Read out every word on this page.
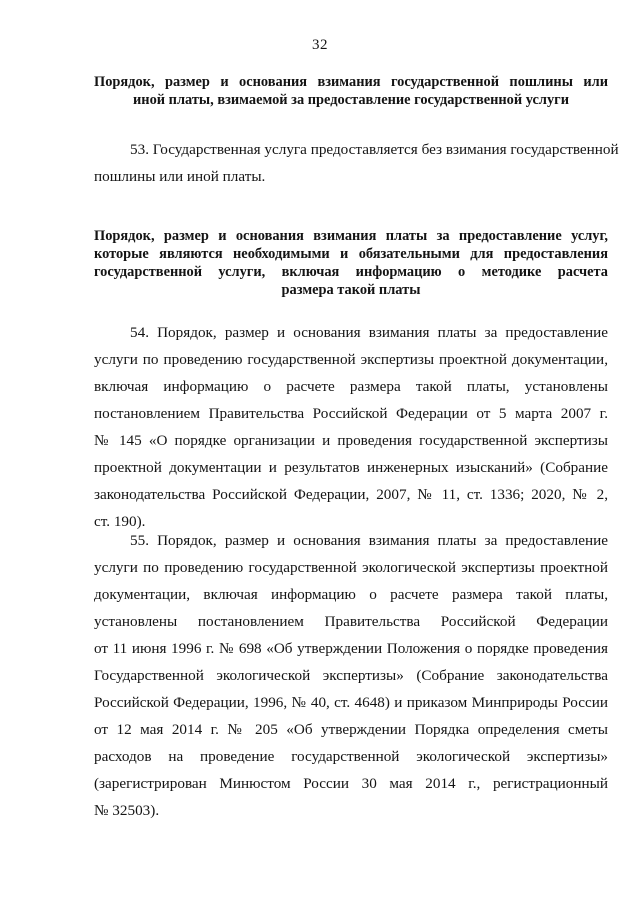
32
Порядок, размер и основания взимания государственной пошлины или
иной платы, взимаемой за предоставление государственной услуги
53. Государственная услуга предоставляется без взимания государственной
пошлины или иной платы.
Порядок, размер и основания взимания платы за предоставление услуг,
которые являются необходимыми и обязательными для предоставления
государственной услуги, включая информацию о методике расчета
размера такой платы
54. Порядок, размер и основания взимания платы за предоставление
услуги по проведению государственной экспертизы проектной документации,
включая информацию о расчете размера такой платы, установлены
постановлением Правительства Российской Федерации от 5 марта 2007 г.
№ 145 «О порядке организации и проведения государственной экспертизы
проектной документации и результатов инженерных изысканий» (Собрание
законодательства Российской Федерации, 2007, № 11, ст. 1336; 2020, № 2,
ст. 190).
55. Порядок, размер и основания взимания платы за предоставление
услуги по проведению государственной экологической экспертизы проектной
документации, включая информацию о расчете размера такой платы,
установлены постановлением Правительства Российской Федерации
от 11 июня 1996 г. № 698 «Об утверждении Положения о порядке проведения
Государственной экологической экспертизы» (Собрание законодательства
Российской Федерации, 1996, № 40, ст. 4648) и приказом Минприроды России
от 12 мая 2014 г. № 205 «Об утверждении Порядка определения сметы
расходов на проведение государственной экологической экспертизы»
(зарегистрирован Минюстом России 30 мая 2014 г., регистрационный
№ 32503).
